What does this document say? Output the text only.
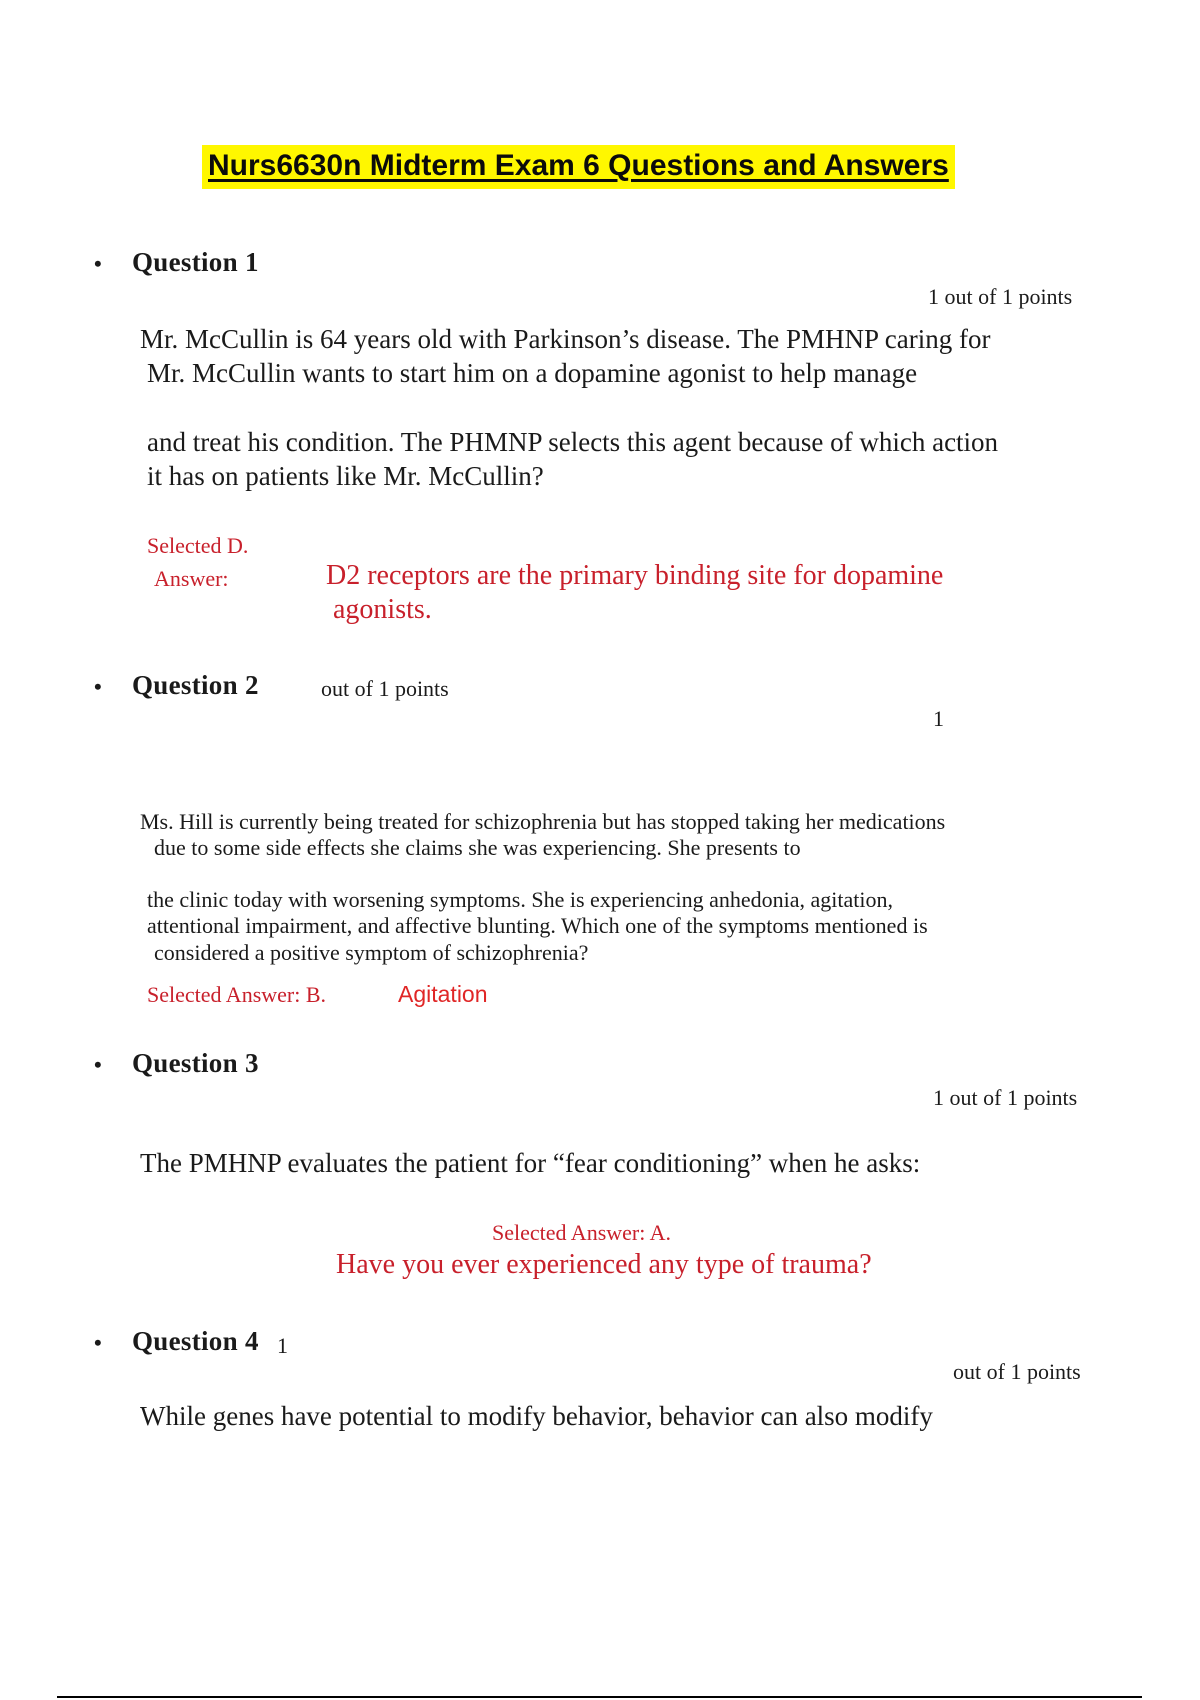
Nurs6630n Midterm Exam 6 Questions and Answers
• Question 1
1 out of 1 points
Mr. McCullin is 64 years old with Parkinson’s disease. The PMHNP caring for
Mr. McCullin wants to start him on a dopamine agonist to help manage
and treat his condition. The PHMNP selects this agent because of which action
it has on patients like Mr. McCullin?
Selected D.
Answer:	D2 receptors are the primary binding site for dopamine
agonists.
• Question 2	out of 1 points
1
Ms. Hill is currently being treated for schizophrenia but has stopped taking her medications
due to some side effects she claims she was experiencing. She presents to
the clinic today with worsening symptoms. She is experiencing anhedonia, agitation,
attentional impairment, and affective blunting. Which one of the symptoms mentioned is
considered a positive symptom of schizophrenia?
Selected Answer: B.	Agitation
• Question 3
1 out of 1 points
The PMHNP evaluates the patient for “fear conditioning” when he asks:
Selected Answer: A.
Have you ever experienced any type of trauma?
• Question 4 1
out of 1 points
While genes have potential to modify behavior, behavior can also modify
